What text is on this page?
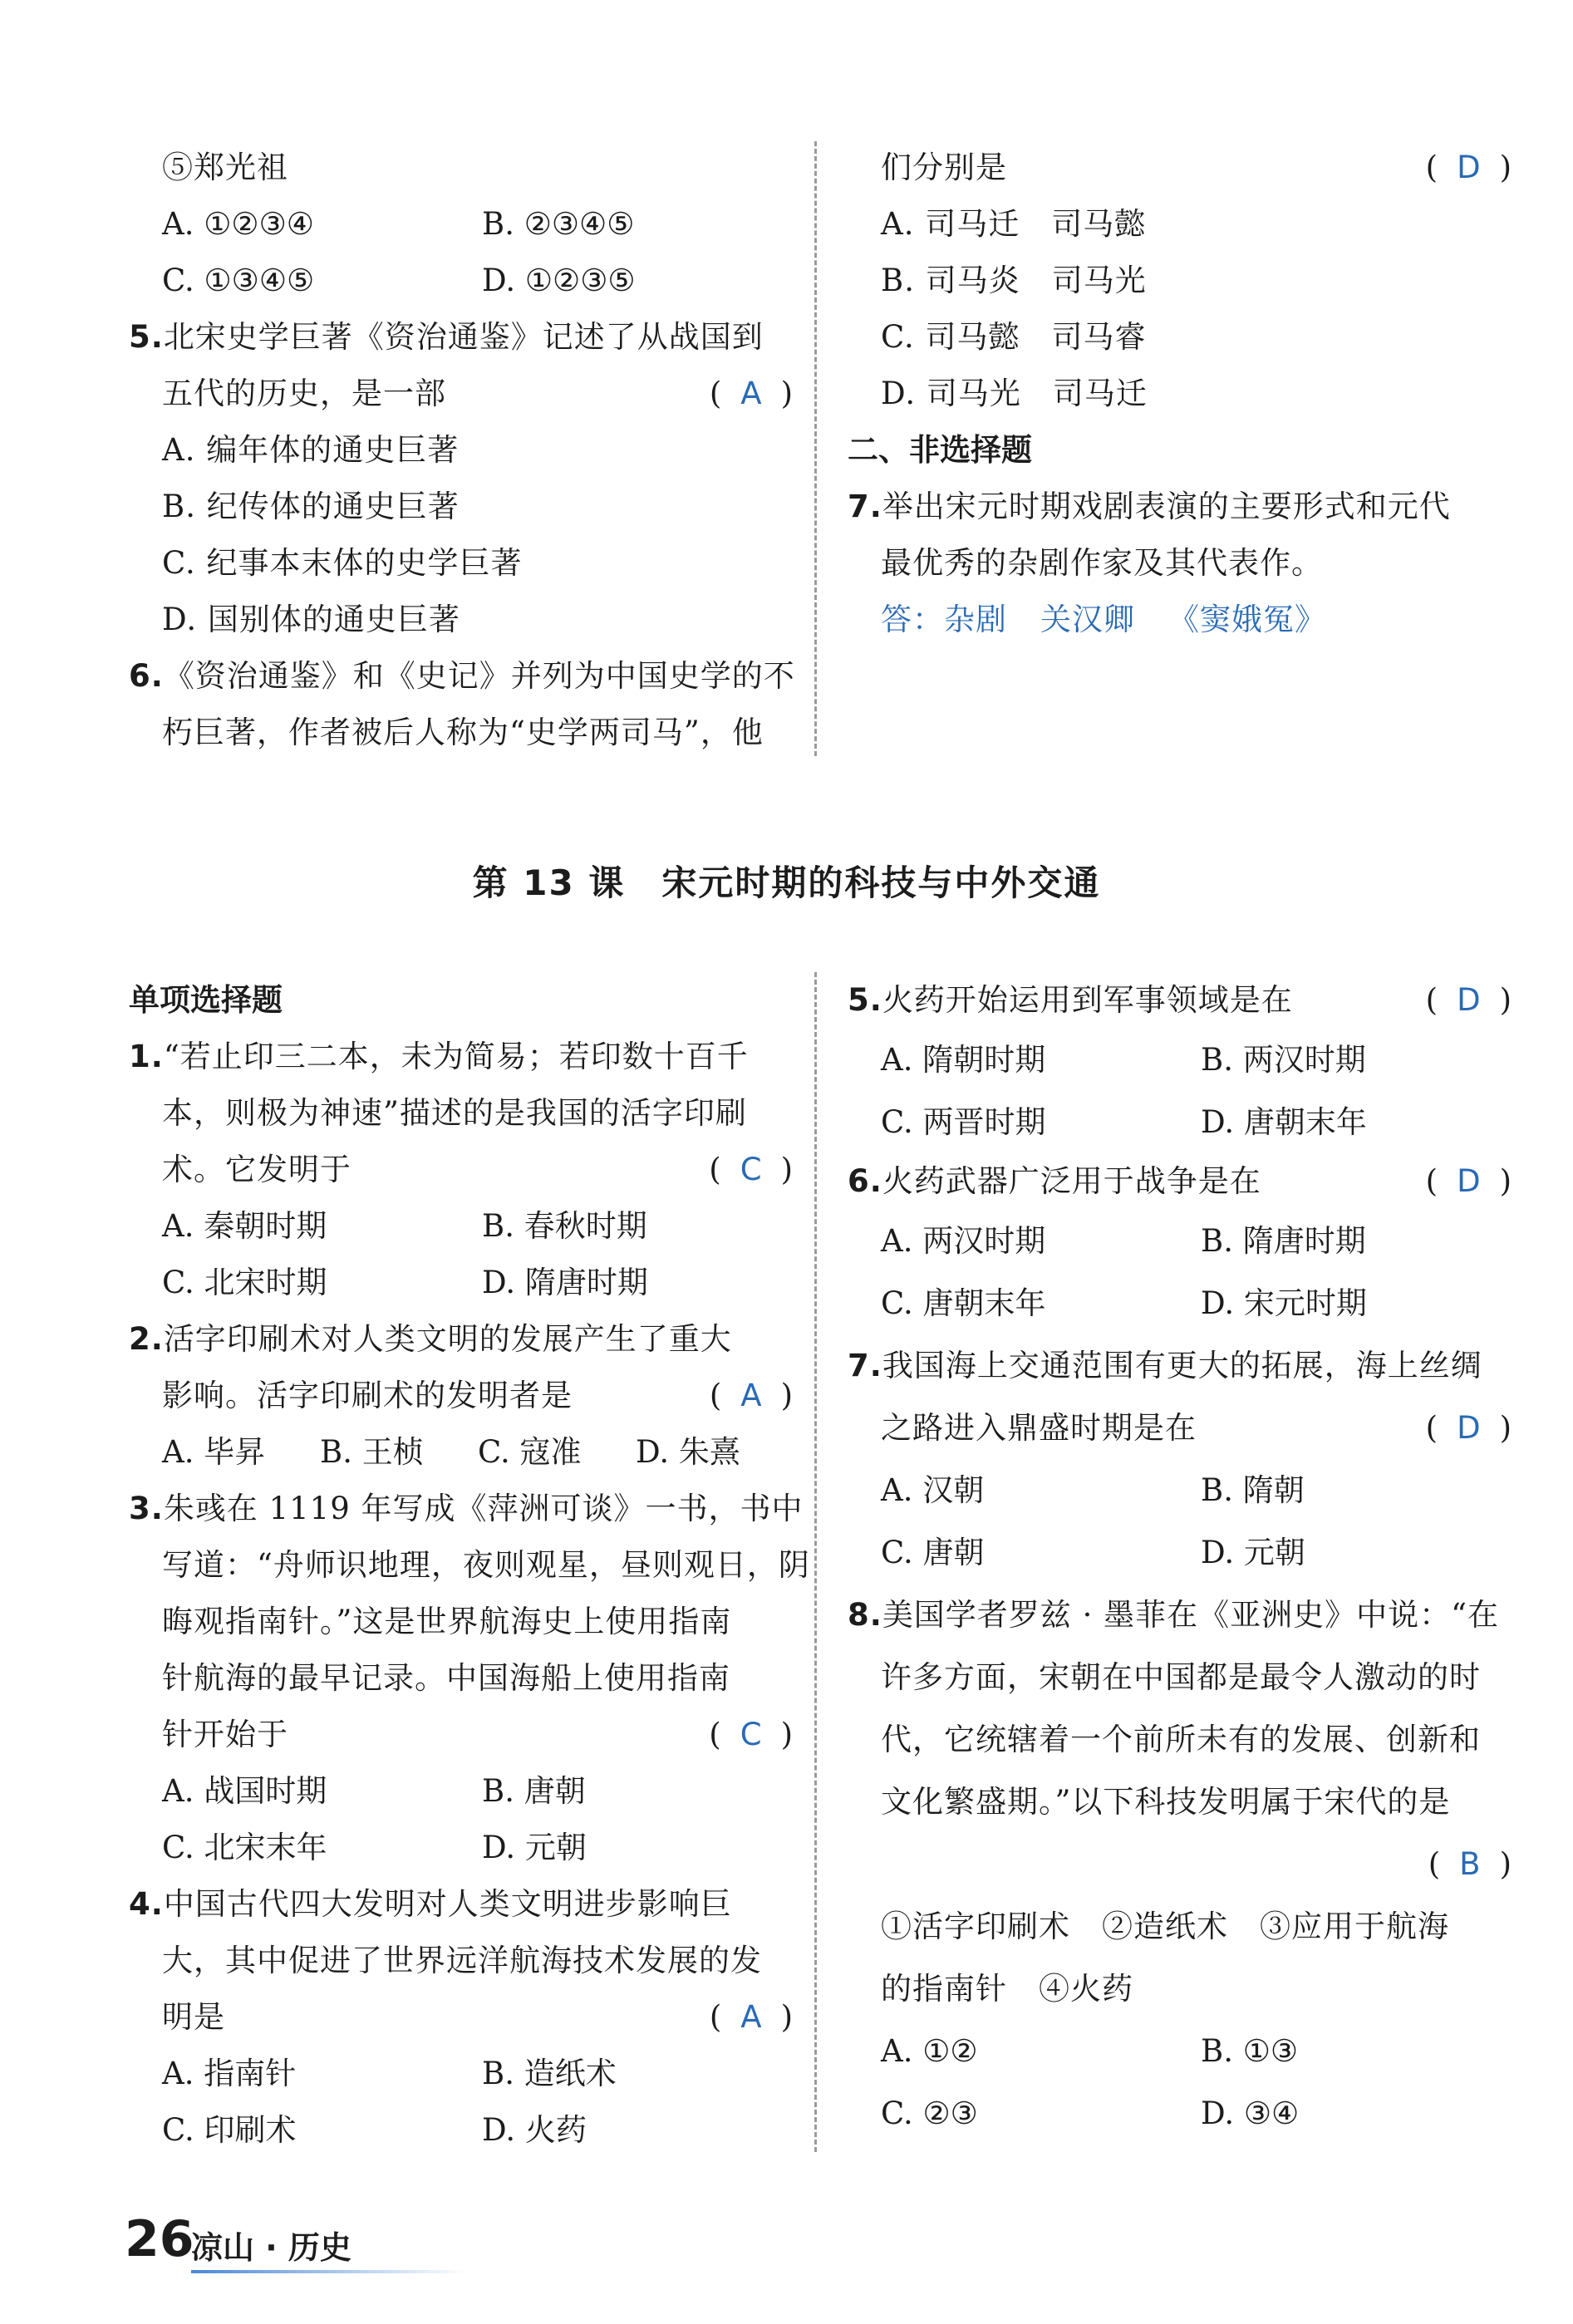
⑤郑光祖
A. ①②③④	B. ②③④⑤
C. ①③④⑤	D. ①②③⑤
5.北宋史学巨著《资治通鉴》记述了从战国到
五代的历史，是一部	( A )
A. 编年体的通史巨著
B. 纪传体的通史巨著
C. 纪事本末体的史学巨著
D. 国别体的通史巨著
6.《资治通鉴》和《史记》并列为中国史学的不
朽巨著，作者被后人称为“史学两司马”，他
们分别是	( D )
A. 司马迁　司马懿
B. 司马炎　司马光
C. 司马懿　司马睿
D. 司马光　司马迁
二、非选择题
7.举出宋元时期戏剧表演的主要形式和元代
最优秀的杂剧作家及其代表作。
答：杂剧 关汉卿 《窦娥冤》
第 13 课　宋元时期的科技与中外交通
单项选择题
1.“若止印三二本，未为简易；若印数十百千
本，则极为神速”描述的是我国的活字印刷
术。它发明于	( C )
A. 秦朝时期	B. 春秋时期
C. 北宋时期	D. 隋唐时期
2.活字印刷术对人类文明的发展产生了重大
影响。活字印刷术的发明者是	( A )
A. 毕昇 B. 王桢 C. 寇准 D. 朱熹
3.朱彧在 1119 年写成《萍洲可谈》一书，书中
写道：“舟师识地理，夜则观星，昼则观日，阴
晦观指南针。”这是世界航海史上使用指南
针航海的最早记录。中国海船上使用指南
针开始于	( C )
A. 战国时期	B. 唐朝
C. 北宋末年	D. 元朝
4.中国古代四大发明对人类文明进步影响巨
大，其中促进了世界远洋航海技术发展的发
明是	( A )
A. 指南针	B. 造纸术
C. 印刷术	D. 火药
5.火药开始运用到军事领域是在	( D )
A. 隋朝时期	B. 两汉时期
C. 两晋时期	D. 唐朝末年
6.火药武器广泛用于战争是在	( D )
A. 两汉时期	B. 隋唐时期
C. 唐朝末年	D. 宋元时期
7.我国海上交通范围有更大的拓展，海上丝绸
之路进入鼎盛时期是在	( D )
A. 汉朝	B. 隋朝
C. 唐朝	D. 元朝
8.美国学者罗兹 · 墨菲在《亚洲史》中说：“在
许多方面，宋朝在中国都是最令人激动的时
代，它统辖着一个前所未有的发展、创新和
文化繁盛期。”以下科技发明属于宋代的是
( B )
①活字印刷术　②造纸术　③应用于航海
的指南针　④火药
A. ①②	B. ①③
C. ②③	D. ③④
26
凉山 · 历史
